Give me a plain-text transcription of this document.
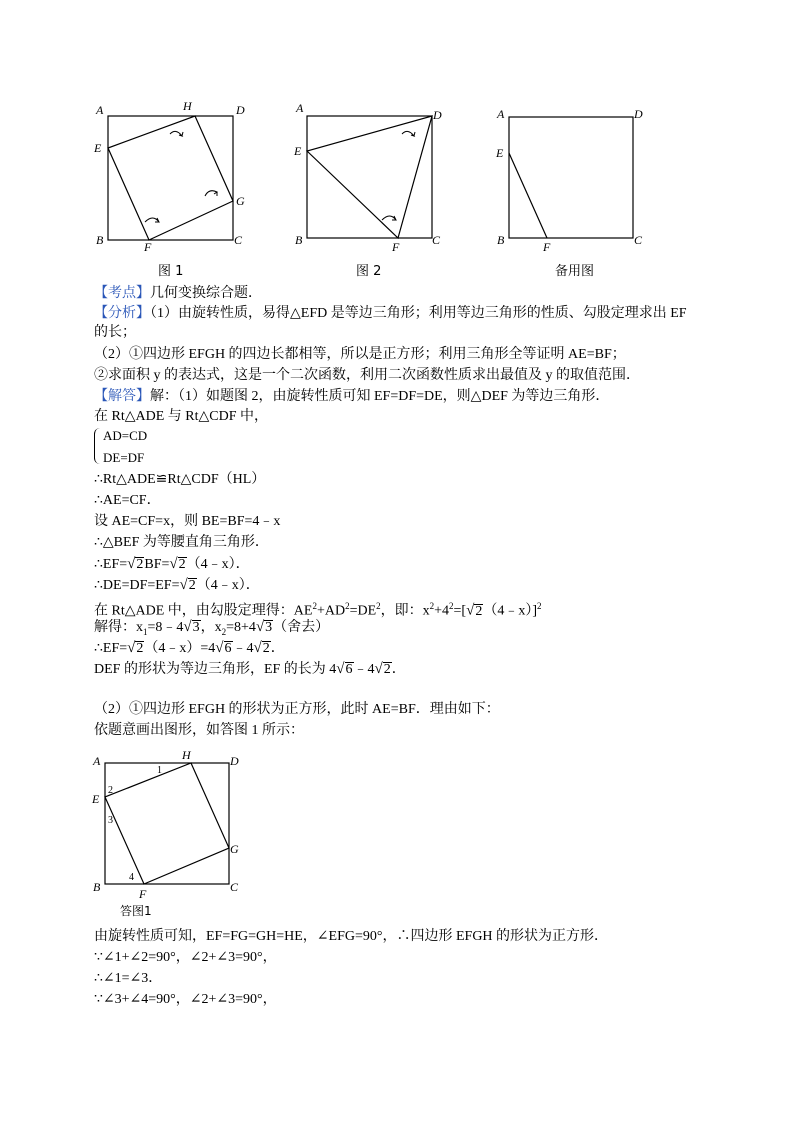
A	H	D
E
G
B	F	C
图 1
A	D
E
B	F	C
图 2
A	D
E
B	F	C
备用图
【考点】几何变换综合题．
【分析】（1）由旋转性质，易得△EFD 是等边三角形；利用等边三角形的性质、勾股定理求出 EF
的长；
（2）①四边形 EFGH 的四边长都相等，所以是正方形；利用三角形全等证明 AE=BF；
②求面积 y 的表达式，这是一个二次函数，利用二次函数性质求出最值及 y 的取值范围．
【解答】解：（1）如题图 2，由旋转性质可知 EF=DF=DE，则△DEF 为等边三角形．
在 Rt△ADE 与 Rt△CDF 中，
AD=CD
DE=DF
∴Rt△ADE≌Rt△CDF（HL）
∴AE=CF．
设 AE=CF=x，则 BE=BF=4﹣x
∴△BEF 为等腰直角三角形．
∴EF=√2BF=√2（4﹣x）．
∴DE=DF=EF=√2（4﹣x）．
在 Rt△ADE 中，由勾股定理得：$AE^2+AD^2=DE^2$，即：$x^2+4^2=[√2(4﹣x)]^2$
解得：$x_1=8﹣4√3$，$x_2=8+4√3$（舍去）
∴EF=√2（4﹣x）=4√6﹣4√2．
DEF 的形状为等边三角形，EF 的长为 4√6﹣4√2．
（2）①四边形 EFGH 的形状为正方形，此时 AE=BF．理由如下：
依题意画出图形，如答图 1 所示：
A	H	D
E
G
B	F	C
1
2
3
4
答图1
由旋转性质可知，EF=FG=GH=HE，∠EFG=90°，∴四边形 EFGH 的形状为正方形．
∵∠1+∠2=90°，∠2+∠3=90°，
∴∠1=∠3．
∵∠3+∠4=90°，∠2+∠3=90°，
